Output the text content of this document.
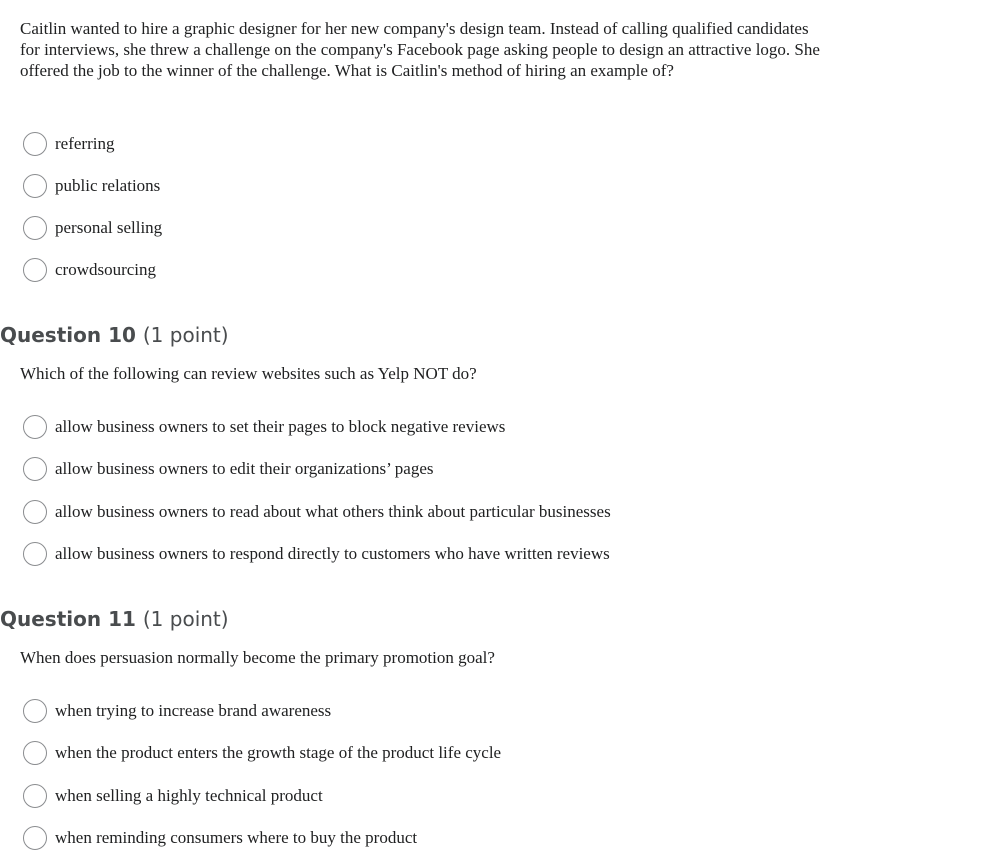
Caitlin wanted to hire a graphic designer for her new company's design team. Instead of calling qualified candidates for interviews, she threw a challenge on the company's Facebook page asking people to design an attractive logo. She offered the job to the winner of the challenge. What is Caitlin's method of hiring an example of?

referring
public relations
personal selling
crowdsourcing
Question 10 (1 point)

Which of the following can review websites such as Yelp NOT do?

allow business owners to set their pages to block negative reviews
allow business owners to edit their organizations’ pages
allow business owners to read about what others think about particular businesses
allow business owners to respond directly to customers who have written reviews
Question 11 (1 point)

When does persuasion normally become the primary promotion goal?

when trying to increase brand awareness
when the product enters the growth stage of the product life cycle
when selling a highly technical product
when reminding consumers where to buy the product
